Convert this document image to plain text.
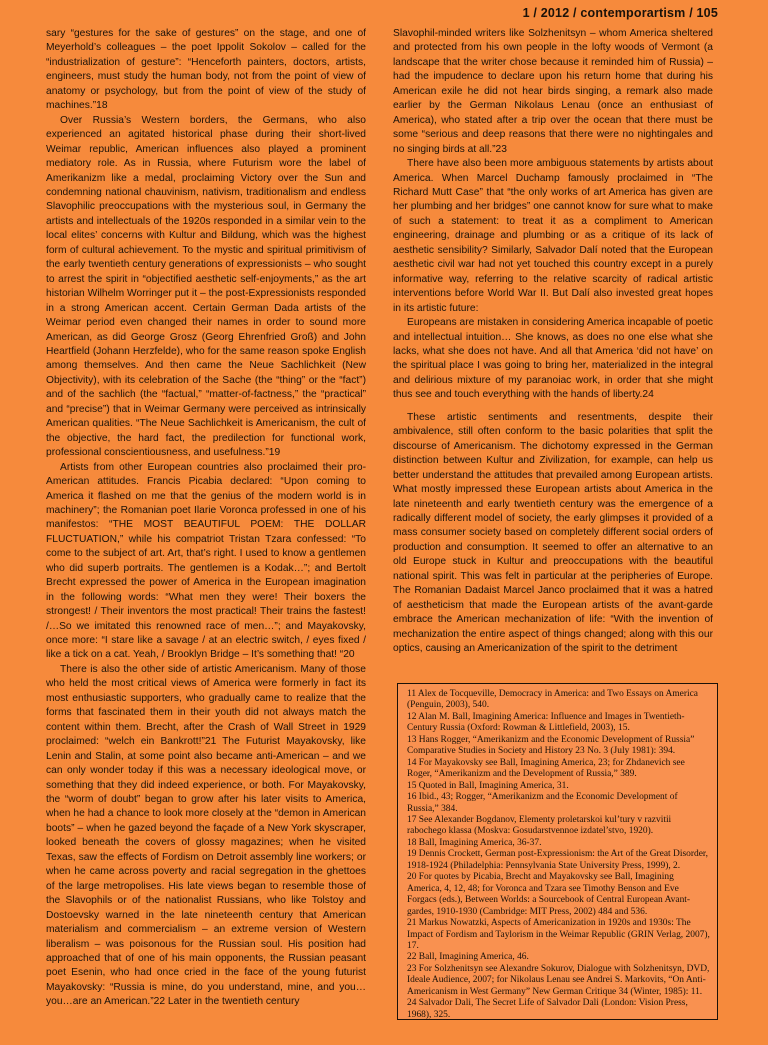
1 / 2012 / contemporartism / 105

sary “gestures for the sake of gestures” on the stage, and one of Meyerhold’s colleagues – the poet Ippolit Sokolov – called for the “industrialization of gesture”: “Henceforth painters, doctors, artists, engineers, must study the human body, not from the point of view of anatomy or psychology, but from the point of view of the study of machines.”18

Over Russia’s Western borders, the Germans, who also experienced an agitated historical phase during their short-lived Weimar republic, American influences also played a prominent mediatory role. As in Russia, where Futurism wore the label of Amerikanizm like a medal, proclaiming Victory over the Sun and condemning national chauvinism, nativism, traditionalism and endless Slavophilic preoccupations with the mysterious soul, in Germany the artists and intellectuals of the 1920s responded in a similar vein to the local elites’ concerns with Kultur and Bildung, which was the highest form of cultural achievement. To the mystic and spiritual primitivism of the early twentieth century generations of expressionists – who sought to arrest the spirit in “objectified aesthetic self-enjoyments,” as the art historian Wilhelm Worringer put it – the post-Expressionists responded in a strong American accent. Certain German Dada artists of the Weimar period even changed their names in order to sound more American, as did George Grosz (Georg Ehrenfried Groß) and John Heartfield (Johann Herzfelde), who for the same reason spoke English among themselves. And then came the Neue Sachlichkeit (New Objectivity), with its celebration of the Sache (the “thing” or the “fact”) and of the sachlich (the “factual,” “matter-of-factness,” the “practical” and “precise”) that in Weimar Germany were perceived as intrinsically American qualities. “The Neue Sachlichkeit is Americanism, the cult of the objective, the hard fact, the predilection for functional work, professional conscientiousness, and usefulness.”19

Artists from other European countries also proclaimed their pro-American attitudes. Francis Picabia declared: “Upon coming to America it flashed on me that the genius of the modern world is in machinery”; the Romanian poet Ilarie Voronca professed in one of his manifestos: “THE MOST BEAUTIFUL POEM: THE DOLLAR FLUCTUATION,” while his compatriot Tristan Tzara confessed: “To come to the subject of art. Art, that’s right. I used to know a gentlemen who did superb portraits. The gentlemen is a Kodak…”; and Bertolt Brecht expressed the power of America in the European imagination in the following words: “What men they were! Their boxers the strongest! / Their inventors the most practical! Their trains the fastest! /…So we imitated this renowned race of men…”; and Mayakovsky, once more: “I stare like a savage / at an electric switch, / eyes fixed / like a tick on a cat. Yeah, / Brooklyn Bridge – It’s something that! “20

There is also the other side of artistic Americanism. Many of those who held the most critical views of America were formerly in fact its most enthusiastic supporters, who gradually came to realize that the forms that fascinated them in their youth did not always match the content within them. Brecht, after the Crash of Wall Street in 1929 proclaimed: “welch ein Bankrott!”21 The Futurist Mayakovsky, like Lenin and Stalin, at some point also became anti-American – and we can only wonder today if this was a necessary ideological move, or something that they did indeed experience, or both. For Mayakovsky, the “worm of doubt” began to grow after his later visits to America, when he had a chance to look more closely at the “demon in American boots” – when he gazed beyond the façade of a New York skyscraper, looked beneath the covers of glossy magazines; when he visited Texas, saw the effects of Fordism on Detroit assembly line workers; or when he came across poverty and racial segregation in the ghettoes of the large metropolises. His late views began to resemble those of the Slavophils or of the nationalist Russians, who like Tolstoy and Dostoevsky warned in the late nineteenth century that American materialism and commercialism – an extreme version of Western liberalism – was poisonous for the Russian soul. His position had approached that of one of his main opponents, the Russian peasant poet Esenin, who had once cried in the face of the young futurist Mayakovsky: “Russia is mine, do you understand, mine, and you…you…are an American.”22 Later in the twentieth century

Slavophil-minded writers like Solzhenitsyn – whom America sheltered and protected from his own people in the lofty woods of Vermont (a landscape that the writer chose because it reminded him of Russia) – had the impudence to declare upon his return home that during his American exile he did not hear birds singing, a remark also made earlier by the German Nikolaus Lenau (once an enthusiast of America), who stated after a trip over the ocean that there must be some “serious and deep reasons that there were no nightingales and no singing birds at all.”23

There have also been more ambiguous statements by artists about America. When Marcel Duchamp famously proclaimed in “The Richard Mutt Case” that “the only works of art America has given are her plumbing and her bridges” one cannot know for sure what to make of such a statement: to treat it as a compliment to American engineering, drainage and plumbing or as a critique of its lack of aesthetic sensibility? Similarly, Salvador Dalí noted that the European aesthetic civil war had not yet touched this country except in a purely informative way, referring to the relative scarcity of radical artistic interventions before World War II. But Dalí also invested great hopes in its artistic future:

Europeans are mistaken in considering America incapable of poetic and intellectual intuition… She knows, as does no one else what she lacks, what she does not have. And all that America ‘did not have’ on the spiritual place I was going to bring her, materialized in the integral and delirious mixture of my paranoiac work, in order that she might thus see and touch everything with the hands of liberty.24

These artistic sentiments and resentments, despite their ambivalence, still often conform to the basic polarities that split the discourse of Americanism. The dichotomy expressed in the German distinction between Kultur and Zivilization, for example, can help us better understand the attitudes that prevailed among European artists. What mostly impressed these European artists about America in the late nineteenth and early twentieth century was the emergence of a radically different model of society, the early glimpses it provided of a mass consumer society based on completely different social orders of production and consumption. It seemed to offer an alternative to an old Europe stuck in Kultur and preoccupations with the beautiful national spirit. This was felt in particular at the peripheries of Europe. The Romanian Dadaist Marcel Janco proclaimed that it was a hatred of aestheticism that made the European artists of the avant-garde embrace the American mechanization of life: “With the invention of mechanization the entire aspect of things changed; along with this our optics, causing an Americanization of the spirit to the detriment

11 Alex de Tocqueville, Democracy in America: and Two Essays on America (Penguin, 2003), 540.

12 Alan M. Ball, Imagining America: Influence and Images in Twentieth-Century Russia (Oxford: Rowman & Littlefield, 2003), 15.

13 Hans Rogger, “Amerikanizm and the Economic Development of Russia” Comparative Studies in Society and History 23 No. 3 (July 1981): 394.

14 For Mayakovsky see Ball, Imagining America, 23; for Zhdanevich see Roger, “Amerikanizm and the Development of Russia,” 389.

15 Quoted in Ball, Imagining America, 31.

16 Ibid., 43; Rogger, “Amerikanizm and the Economic Development of Russia,” 384.

17 See Alexander Bogdanov, Elementy proletarskoi kul’tury v razvitii rabochego klassa (Moskva: Gosudarstvennoe izdatel’stvo, 1920).

18 Ball, Imagining America, 36-37.

19 Dennis Crockett, German post-Expressionism: the Art of the Great Disorder, 1918-1924 (Philadelphia: Pennsylvania State University Press, 1999), 2.

20 For quotes by Picabia, Brecht and Mayakovsky see Ball, Imagining America, 4, 12, 48; for Voronca and Tzara see Timothy Benson and Eve Forgacs (eds.), Between Worlds: a Sourcebook of Central European Avant-gardes, 1910-1930 (Cambridge: MIT Press, 2002) 484 and 536.

21 Markus Nowatzki, Aspects of Americanization in 1920s and 1930s: The Impact of Fordism and Taylorism in the Weimar Republic (GRIN Verlag, 2007), 17.

22 Ball, Imagining America, 46.

23 For Solzhenitsyn see Alexandre Sokurov, Dialogue with Solzhenitsyn, DVD, Ideale Audience, 2007; for Nikolaus Lenau see Andrei S. Markovits, “On Anti-Americanism in West Germany” New German Critique 34 (Winter, 1985): 11.

24 Salvador Dali, The Secret Life of Salvador Dali (London: Vision Press, 1968), 325.
